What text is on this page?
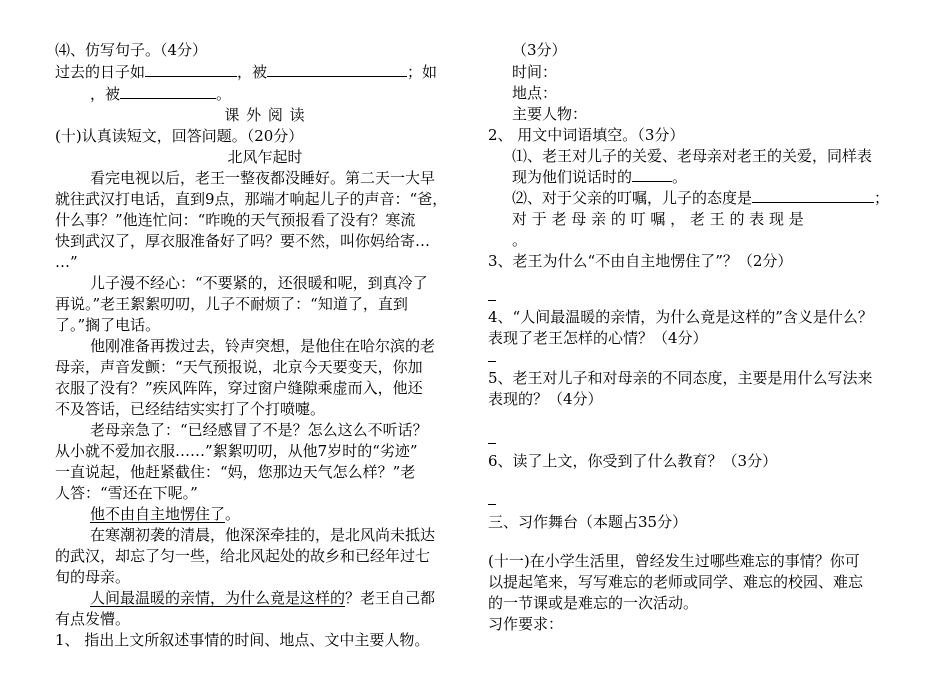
⑷、仿写句子。（4分）
过去的日子如	，被	；如
，被	。
课 外 阅 读
(十)认真读短文，回答问题。（20分）
北风乍起时
看完电视以后，老王一整夜都没睡好。第二天一大早
就往武汉打电话，直到9点，那端才响起儿子的声音：“爸，
什么事？”他连忙问：“昨晚的天气预报看了没有？寒流
快到武汉了，厚衣服准备好了吗？要不然，叫你妈给寄…
…”
儿子漫不经心：“不要紧的，还很暖和呢，到真冷了
再说。”老王絮絮叨叨，儿子不耐烦了：“知道了，直到
了。”搁了电话。
他刚准备再拨过去，铃声突想，是他住在哈尔滨的老
母亲，声音发颤：“天气预报说，北京今天要变天，你加
衣服了没有？”疾风阵阵，穿过窗户缝隙乘虚而入，他还
不及答话，已经结结实实打了个打喷嚏。
老母亲急了：“已经感冒了不是？怎么这么不听话？
从小就不爱加衣服……”絮絮叨叨，从他7岁时的“劣迹”
一直说起，他赶紧截住：“妈，您那边天气怎么样？”老
人答：“雪还在下呢。”
他不由自主地愣住了。
在寒潮初袭的清晨，他深深牵挂的，是北风尚未抵达
的武汉，却忘了匀一些，给北风起处的故乡和已经年过七
旬的母亲。
人间最温暖的亲情，为什么竟是这样的？老王自己都
有点发懵。
1、 指出上文所叙述事情的时间、地点、文中主要人物。
（3分）
时间：
地点：
主要人物：
2、 用文中词语填空。（3分）
⑴、老王对儿子的关爱、老母亲对老王的关爱，同样表
现为他们说话时的	。
⑵、对于父亲的叮嘱，儿子的态度是	；
对 于 老 母 亲 的 叮 嘱 ， 老 王 的 表 现 是
。
3、老王为什么“不由自主地愣住了”？（2分）
4、“人间最温暖的亲情，为什么竟是这样的”含义是什么？
表现了老王怎样的心情？（4分）
5、老王对儿子和对母亲的不同态度，主要是用什么写法来
表现的？（4分）
6、读了上文，你受到了什么教育？（3分）
三、习作舞台（本题占35分）
(十一)在小学生活里，曾经发生过哪些难忘的事情？你可
以提起笔来，写写难忘的老师或同学、难忘的校园、难忘
的一节课或是难忘的一次活动。
习作要求：
